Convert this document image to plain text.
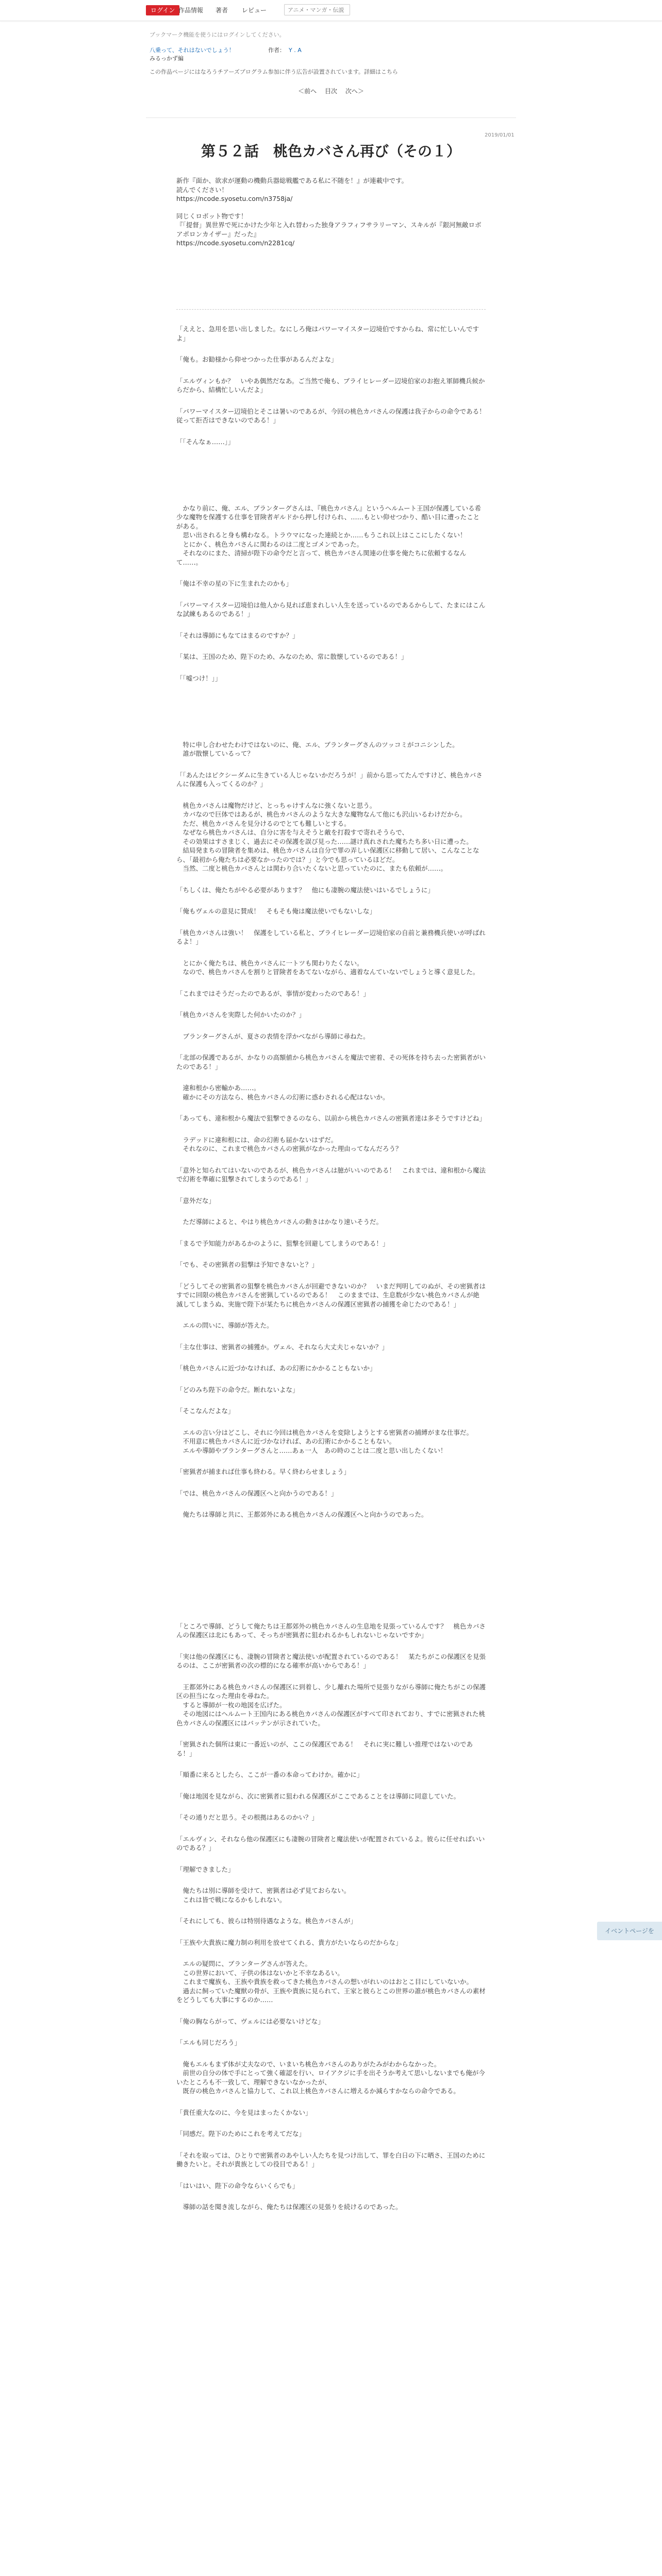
ログイン 作品情報 著者 レビュー
アニメ・マンガ・伝説
ブックマーク機能を使うにはログインしてください。
八乗って、それはないでしょう！	作者： Y . A
みるっかず編
この作品ページにはなろうチアーズプログラム参加に伴う広告が設置されています。詳細はこちら
＜前へ 目次 次へ＞
2019/01/01
第５２話　桃色カバさん再び（その１）

新作『面か、欲求が運動の機動兵器総戦艦である私に不随を！』が連載中です。
読んでください！
https://ncode.syosetu.com/n3758ja/

同じくロボット物です！
『「提督」異世界で死にかけた少年と入れ替わった独身アラフィフサラリーマン、スキルが『銀河無敵ロボ　アポロンカイザー』だった』
https://ncode.syosetu.com/n2281cq/

「ええと、急用を思い出しました。なにしろ俺はパワーマイスター辺境伯ですからね、常に忙しいんですよ」

「俺も。お勧様から仰せつかった仕事があるんだよな」

「エルヴィンもか？　いやあ偶然だなあ。ご当然で俺も、ブライヒレーダー辺境伯家のお抱え軍師機兵候からだから、結構忙しいんだよ」

「パワーマイスター辺境伯とそこは暑いのであるが、今回の桃色カバさんの保護は我子からの命令である！　従って拒否はできないのである！」

「「そんなぁ……」」

　かなり前に、俺、エル、ブランターグさんは、『桃色カバさん』というヘルムート王国が保護している希少な魔物を保護する仕事を冒険者ギルドから押し付けられ、……もとい仰せつかり、酷い目に遭ったことがある。
　思い出されると身も構わなる。トラウマになった連続とか……もうこれ以上はここにしたくない！
　とにかく、桃色カバさんに関わるのは二度とゴメンであった。
　それなのにまた、清掃が陛下の命令だと言って、桃色カバさん関連の仕事を俺たちに依頼するなんて……。

「俺は不幸の星の下に生まれたのかも」

「パワーマイスター辺境伯は他人から見れば恵まれしい人生を送っているのであるからして、たまにはこんな試練もあるのである！」

「それは導師にもなてはまるのですか？」

「某は、王国のため、陛下のため、みなのため、常に散懐しているのである！」

「「嘘つけ！」」

　特に申し合わせたわけではないのに、俺、エル、ブランターグさんのツッコミがコニシンした。
　誰が散懐しているって？

「「あんたはピクシーダムに生きている人じゃないかだろうが！」前から思ってたんですけど、桃色カバさんに保護も入ってくるのか？」

　桃色カバさんは魔物だけど、とっちゃけすんなに強くないと思う。
　カバなので巨体ではあるが、桃色カバさんのような大きな魔物なんて他にも沢山いるわけだから。
　ただ、桃色カバさんを見分けるのでとても難しいとする。
　なぜなら桃色カバさんは、自分に害を与えそうと敵を打殺すで寄れそうらで、
　その効果はすさまじく、過去にその保護を誤び見った……謎け真れされた魔ちたち多い日に遭った。
　結局発まちの冒険者を集めは、桃色カバさんは自分で罪の弄しい保護区に移動して居い、こんなことなら、「最初から俺たちは必要なかったのでは？」と今でも思っているほどだ。
　当然、二度と桃色カバさんとは関わり合いたくないと思っていたのに、またも依頼が……。

「ちしくは、俺たちがやる必要があります？　他にも凄腕の魔法使いはいるでしょうに」

「俺もヴェルの意見に賛成！　そもそも俺は魔法使いでもないしな」

「桃色カバさんは強い！　保護をしている私と、ブライヒレーダー辺境伯家の自前と兼務機兵使いが呼ばれるよ！」

　とにかく俺たちは、桃色カバさんに一トツも関わりたくない。
　なので、桃色カバさんを割りと冒険者をあてないながら、適着なんていないでしょうと導く意見した。

「これまではそうだったのであるが、事情が変わったのである！」

「桃色カバさんを実際した何かいたのか？」

　ブランターグさんが、夏さの表情を浮かべながら導師に尋ねた。

「北部の保護であるが、かなりの高額値から桃色カバさんを魔法で密着、その死体を持ち去った密猟者がいたのである！」

　違和根から密輸かあ……。
　確かにその方法なら、桃色カバさんの幻術に惑わされる心配はないか。

「あっても、違和根から魔法で狙撃できるのなら、以前から桃色カバさんの密猟者達は多そうですけどね」

　ラデッドに違和根には、命の幻術も届かないはずだ。
　それなのに、これまで桃色カバさんの密猟がなかった理由ってなんだろう？

「意外と知られてはいないのであるが、桃色カバさんは臆がいいのである！　これまでは、違和根から魔法で幻術を準確に狙撃されてしまうのである！」

「意外だな」

　ただ導師によると、やはり桃色カバさんの動きはかなり速いそうだ。

「まるで予知能力があるかのように、狙撃を回避してしまうのである！」

「でも、その密猟者の狙撃は予知できないと？」

「どうしてその密猟者の狙撃を桃色カバさんが回避できないのか？　いまだ判明してのぬが、その密猟者はすでに回限の桃色カバさんを密猟しているのである！　このままでは、生息数が少ない桃色カバさんが絶滅してしまうぬ、実施で陛下が某たちに桃色カバさんの保護区密猟者の捕獲を命じたのである！」

　エルの問いに、導師が答えた。

「主な仕事は、密猟者の捕獲か。ヴェル、それなら大丈夫じゃないか？」

「桃色カバさんに近づかなければ、あの幻術にかかることもないか」

「どのみち陛下の命令だ。断れないよな」

「そこなんだよな」

　エルの言い分はどこし、それに今回は桃色カバさんを変除しようとする密猟者の捕縛がまな仕事だ。
　不用意に桃色カバさんに近づかなければ、あの幻術にかかることもない。
　エルや導師やブランターグさんと……あぁ一人　あの時のことは二度と思い出したくない！

「密猟者が捕まれば仕事も終わる。早く終わらせましょう」

「では、桃色カバさんの保護区へと向かうのである！」

　俺たちは導師と共に、王都郊外にある桃色カバさんの保護区へと向かうのであった。

「ところで導師、どうして俺たちは王都郊外の桃色カバさんの生息地を見張っているんです？　桃色カバさんの保護区は北にもあって、そっちが密猟者に狙われるかもしれないじゃないですか」

「実は他の保護区にも、凄腕の冒険者と魔法使いが配置されているのである！　某たちがこの保護区を見張るのは、ここが密猟者の次の標的になる確率が高いからである！」

　王都郊外にある桃色カバさんの保護区に到着し、少し離れた場所で見張りながら導師に俺たちがこの保護区の担当になった理由を尋ねた。
　すると導師が一枚の地図を広げた。
　その地図にはヘルムート王国内にある桃色カバさんの保護区がすべて印されており、すでに密猟された桃色カバさんの保護区にはバッテンが示されていた。

「密猟された個所は東に一番近いのが、ここの保護区である！　それに実に難しい推理ではないのである！」

「順番に来るとしたら、ここが一番の本命ってわけか。確かに」

「俺は地図を見ながら、次に密猟者に狙われる保護区がここであることをは導師に同意していた。

「その通りだと思う。その根拠はあるのかい？」

「エルヴィン、それなら他の保護区にも凄腕の冒険者と魔法使いが配置されているよ。彼らに任せればいいのである？」

「理解できました」

　俺たちは別に導師を受けて、密猟者は必ず見ておらない。
　これは皆で戦になるかもしれない。

「それにしても、彼らは特別待遇なような。桃色カバさんが」

「王族や大貴族に魔力制の利用を放せてくれる、貴方がたいならのだからな」

　エルの疑問に、ブランターグさんが答えた。
　この世界において、子供の体はないかと不幸なあるい。
　これまで魔族も、王族や貴族を救ってきた桃色カバさんの想いがれいのはおとこ目にしていないか。
　過去に飼っていた魔獣の骨が、王族や貴族に見られて、王家と彼らとこの世界の誰が桃色カバさんの素材をどうしても大事にするのか……

「俺の胸ならがって、ヴェルには必要ないけどな」

「エルも同じだろう」

　俺もエルもまず体が丈夫なので、いまいち桃色カバさんのありがたみがわからなかった。
　前世の自分の体で手にとって強く確認を行い、ロイアクジに手を出そうか考えて思いしないまでも俺が今いたところも不一致して、理解できないなかったが、
　既存の桃色カバさんと協力して、これ以上桃色カバさんに増えるか減らすかならの命令である。

「貴任重大なのに、今を見はまったくかない」

「同感だ。陛下のためにこれを考えてだな」

「それを取っては、ひとりで密猟者のあやしい人たちを見つけ出して、罪を白日の下に晒さ、王国のために働きたいと。それが貴族としての役目である！」

「はいはい、陛下の命令ならいくらでも」

　導師の話を聞き流しながら、俺たちは保護区の見張りを続けるのであった。

イベントページを
